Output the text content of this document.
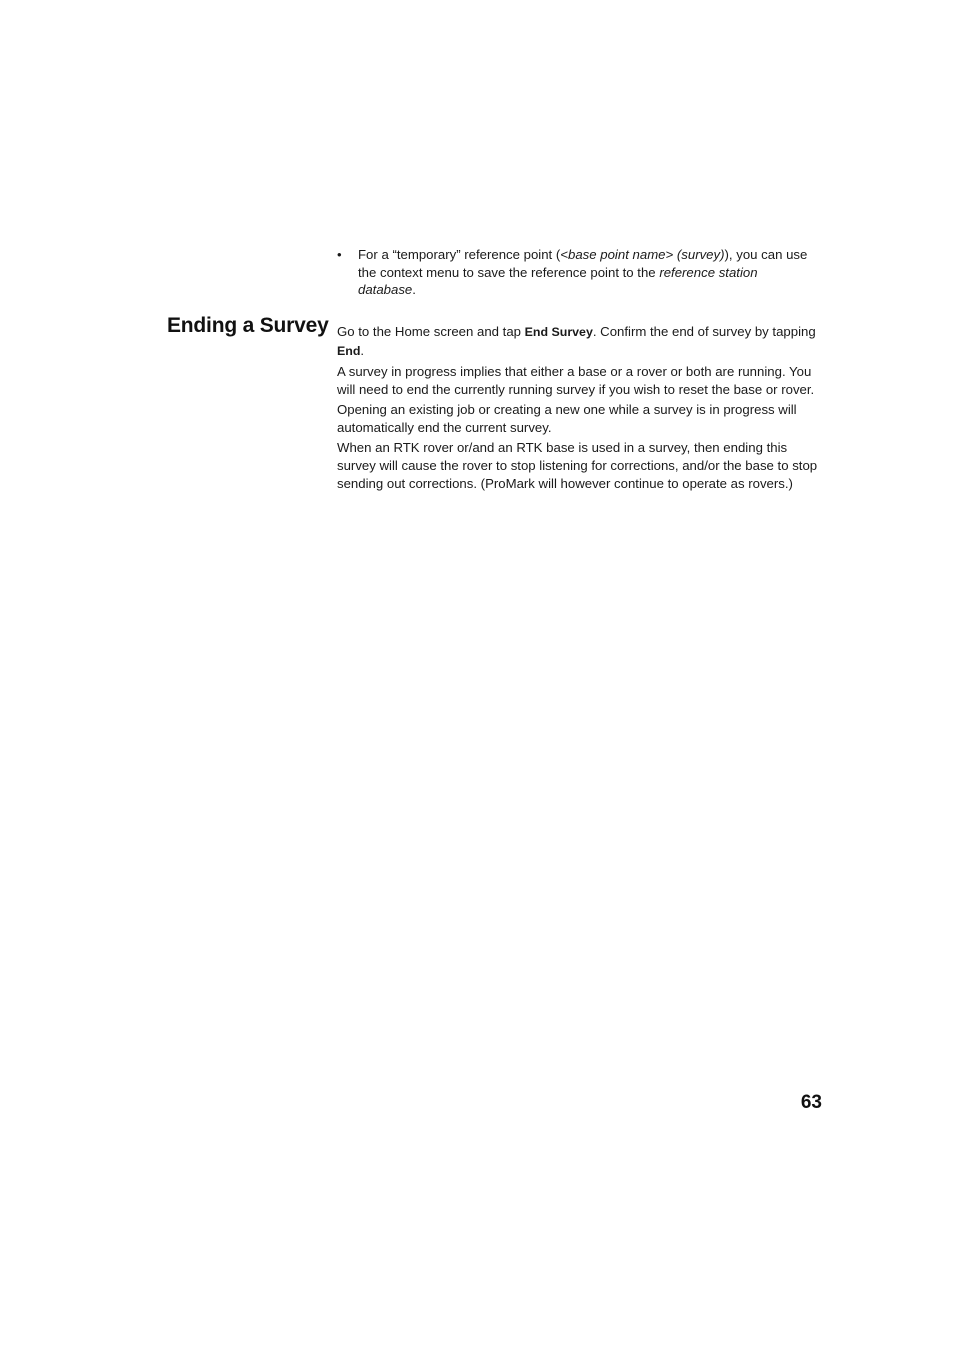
• For a “temporary” reference point (<base point name> (survey)), you can use the context menu to save the reference point to the reference station database.
Ending a Survey Go to the Home screen and tap End Survey. Confirm the end of survey by tapping End.

A survey in progress implies that either a base or a rover or both are running. You will need to end the currently running survey if you wish to reset the base or rover.

Opening an existing job or creating a new one while a survey is in progress will automatically end the current survey.

When an RTK rover or/and an RTK base is used in a survey, then ending this survey will cause the rover to stop listening for corrections, and/or the base to stop sending out corrections. (ProMark will however continue to operate as rovers.)

63
